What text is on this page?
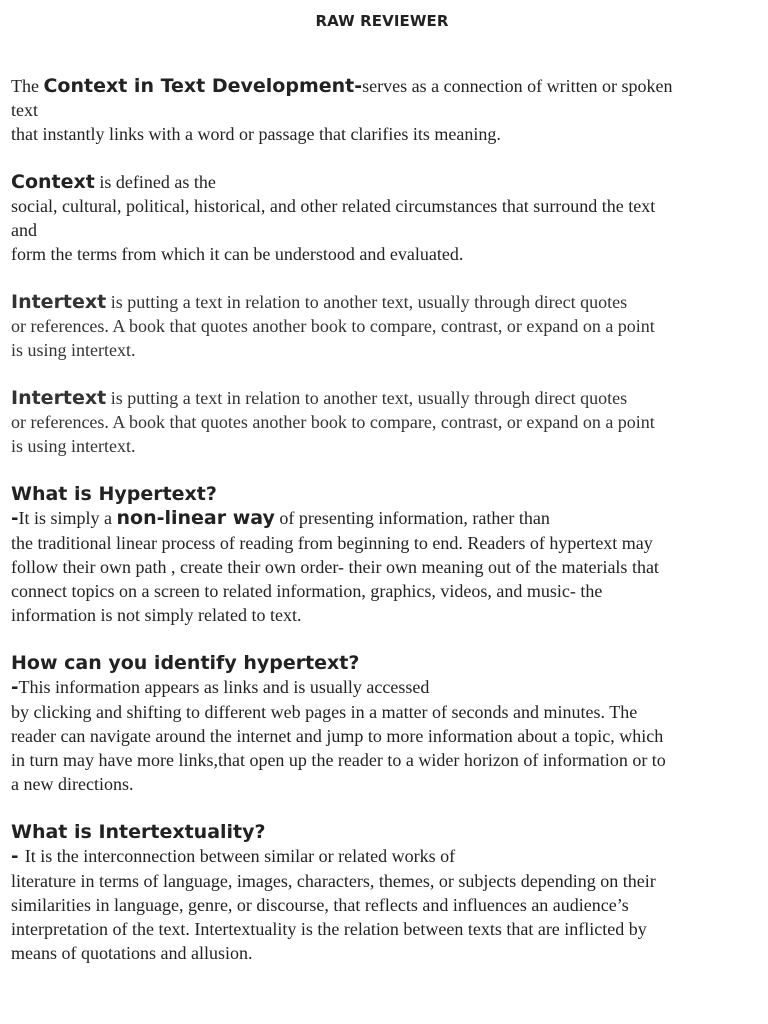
RAW REVIEWER
The Context in Text Development-serves as a connection of written or spoken
text
that instantly links with a word or passage that clarifies its meaning.
Context is defined as the
social, cultural, political, historical, and other related circumstances that surround the text
and
form the terms from which it can be understood and evaluated.
Intertext is putting a text in relation to another text, usually through direct quotes
or references. A book that quotes another book to compare, contrast, or expand on a point
is using intertext.
Intertext is putting a text in relation to another text, usually through direct quotes
or references. A book that quotes another book to compare, contrast, or expand on a point
is using intertext.
What is Hypertext?
-It is simply a non-linear way of presenting information, rather than
the traditional linear process of reading from beginning to end. Readers of hypertext may
follow their own path , create their own order- their own meaning out of the materials that
connect topics on a screen to related information, graphics, videos, and music- the
information is not simply related to text.
How can you identify hypertext?
-This information appears as links and is usually accessed
by clicking and shifting to different web pages in a matter of seconds and minutes. The
reader can navigate around the internet and jump to more information about a topic, which
in turn may have more links,that open up the reader to a wider horizon of information or to
a new directions.
What is Intertextuality?
- It is the interconnection between similar or related works of
literature in terms of language, images, characters, themes, or subjects depending on their
similarities in language, genre, or discourse, that reflects and influences an audience’s
interpretation of the text. Intertextuality is the relation between texts that are inflicted by
means of quotations and allusion.
